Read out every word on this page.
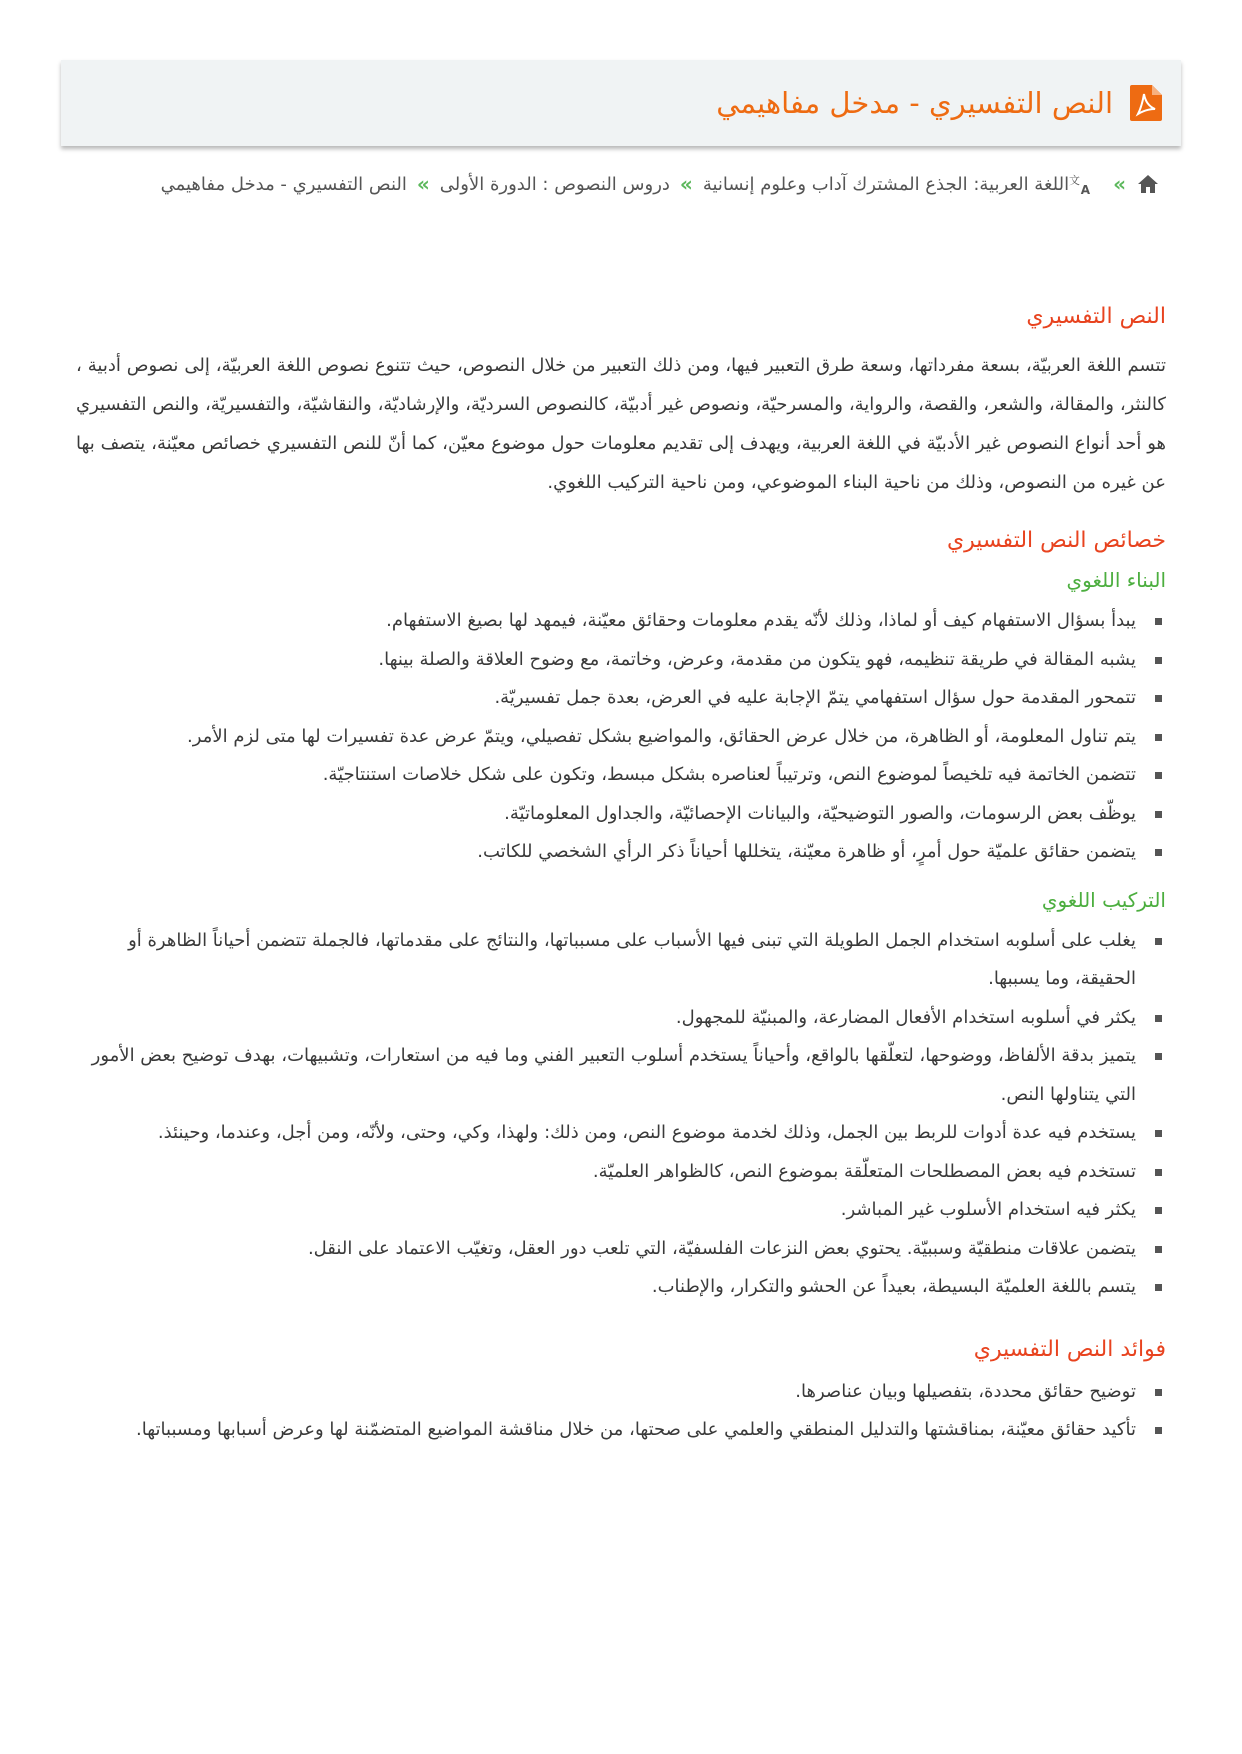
النص التفسيري - مدخل مفاهيمي
»
文
A
اللغة العربية: الجذع المشترك آداب وعلوم إنسانية
»
دروس النصوص : الدورة الأولى
»
النص التفسيري - مدخل مفاهيمي
النص التفسيري

تتسم اللغة العربيّة، بسعة مفرداتها، وسعة طرق التعبير فيها، ومن ذلك التعبير من خلال النصوص، حيث تتنوع نصوص اللغة العربيّة، إلى نصوص أدبية ، كالنثر، والمقالة، والشعر، والقصة، والرواية، والمسرحيّة، ونصوص غير أدبيّة، كالنصوص السرديّة، والإرشاديّة، والنقاشيّة، والتفسيريّة، والنص التفسيري هو أحد أنواع النصوص غير الأدبيّة في اللغة العربية، ويهدف إلى تقديم معلومات حول موضوع معيّن، كما أنّ للنص التفسيري خصائص معيّنة، يتصف بها عن غيره من النصوص، وذلك من ناحية البناء الموضوعي، ومن ناحية التركيب اللغوي.

خصائص النص التفسيري
البناء اللغوي
يبدأ بسؤال الاستفهام كيف أو لماذا، وذلك لأنّه يقدم معلومات وحقائق معيّنة، فيمهد لها بصيغ الاستفهام.
يشبه المقالة في طريقة تنظيمه، فهو يتكون من مقدمة، وعرض، وخاتمة، مع وضوح العلاقة والصلة بينها.
تتمحور المقدمة حول سؤال استفهامي يتمّ الإجابة عليه في العرض، بعدة جمل تفسيريّة.
يتم تناول المعلومة، أو الظاهرة، من خلال عرض الحقائق، والمواضيع بشكل تفصيلي، ويتمّ عرض عدة تفسيرات لها متى لزم الأمر.
تتضمن الخاتمة فيه تلخيصاً لموضوع النص، وترتيباً لعناصره بشكل مبسط، وتكون على شكل خلاصات استنتاجيّة.
يوظّف بعض الرسومات، والصور التوضيحيّة، والبيانات الإحصائيّة، والجداول المعلوماتيّة.
يتضمن حقائق علميّة حول أمرٍ، أو ظاهرة معيّنة، يتخللها أحياناً ذكر الرأي الشخصي للكاتب.
التركيب اللغوي
يغلب على أسلوبه استخدام الجمل الطويلة التي تبنى فيها الأسباب على مسبباتها، والنتائج على مقدماتها، فالجملة تتضمن أحياناً الظاهرة أو الحقيقة، وما يسببها.
يكثر في أسلوبه استخدام الأفعال المضارعة، والمبنيّة للمجهول.
يتميز بدقة الألفاظ، ووضوحها، لتعلّقها بالواقع، وأحياناً يستخدم أسلوب التعبير الفني وما فيه من استعارات، وتشبيهات، بهدف توضيح بعض الأمور التي يتناولها النص.
يستخدم فيه عدة أدوات للربط بين الجمل، وذلك لخدمة موضوع النص، ومن ذلك: ولهذا، وكي، وحتى، ولأنّه، ومن أجل، وعندما، وحينئذ.
تستخدم فيه بعض المصطلحات المتعلّقة بموضوع النص، كالظواهر العلميّة.
يكثر فيه استخدام الأسلوب غير المباشر.
يتضمن علاقات منطقيّة وسببيّة. يحتوي بعض النزعات الفلسفيّة، التي تلعب دور العقل، وتغيّب الاعتماد على النقل.
يتسم باللغة العلميّة البسيطة، بعيداً عن الحشو والتكرار، والإطناب.
فوائد النص التفسيري
توضيح حقائق محددة، بتفصيلها وبيان عناصرها.
تأكيد حقائق معيّنة، بمناقشتها والتدليل المنطقي والعلمي على صحتها، من خلال مناقشة المواضيع المتضمّنة لها وعرض أسبابها ومسبباتها.
